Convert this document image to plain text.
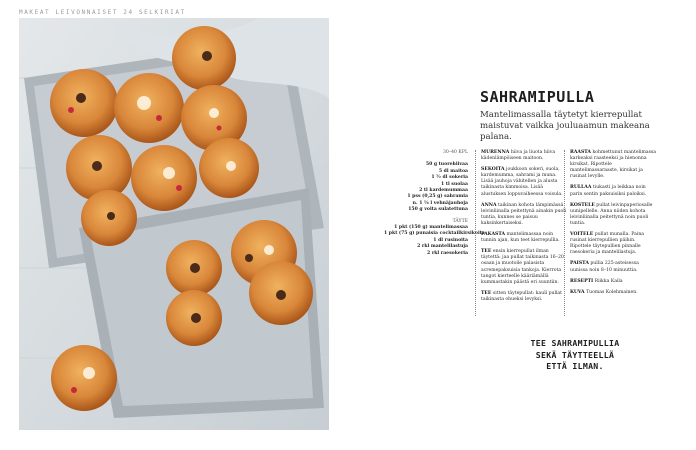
MAKEAT LEIVONNAISET 24 SELKIRIAT
SAHRAMIPULLA
Mantelimassalla täytetyt kierrepullat maistuvat vaikka jouluaamun makeana palana.
30–40 KPL
50 g tuorehiivaa
5 dl maitoa
1 ½ dl sokeria
1 tl suolaa
2 tl kardemummaa
1 pss (0,25 g) sahramia
n. 1 ¼ l vehnäjauhoja
150 g voita sulatettuna
TÄYTE
1 pkt (150 g) mantelimassaa
1 pkt (75 g) punaisia cocktailkirsikoita
1 dl rusinoita
2 rkl mantelilastuja
2 rkl raesokeria
MURENNA hiiva ja liuota hiiva kädenlämpöiseen maitoon.
SEKOITA joukkoon sokeri, suola, kardemumma, sahrami ja muna. Lisää jauhoja vähitellen ja alusta taikinasta kimmoisa. Lisää alustuksen loppuvaiheessa voisula.
ANNA taikinan kohota lämpimässä leivinliinalla peitettynä ainakin puoli tuntia, kunnes se paisuu kaksinkertaiseksi.
PAKASTA mantelimassaa noin tunnin ajan, kun teet kierrepullia.
TEE ensin kierrepullat ilman täytettä: jaa pullat taikinasta 16–20 osaan ja muotoile palasista acremepaksuisia tankoja. Kierrota tangot kierteelle kääriämällä kummastakin päästä eri suuntiin.
TEE sitten täytepullat: kaulí pullat taikinasta ohueksi levyksi.
RAASTA kohmettunut mantelimassa karkeaksi raasteeksi ja hienonna kirsikat. Ripottele mantelimassaraaste, kirsikat ja rusinat levylle.
RULLAA tiukasti ja leikkaa noin parin sentin paksuisiksi paloiksi.
KOSTELE pullat leivinpaperiosalle uunipellelle. Anna niiden kohota leivinliinalla peitettynä noin puoli tuntia.
VOITELE pullat munalla. Paina rusinat kierrepullien päihin. Ripottele täytepullien pinnalle raesokeria ja mantelilastuja.
PAISTA pullia 225-asteisessa uunissa noin 8–10 minuuttia.
RESEPTI Riikka Kaila
KUVA Tuomas Kolehmainen.
TEE SAHRAMIPULLIA
SEKÄ TÄYTTEELLÄ
ETTÄ ILMAN.
